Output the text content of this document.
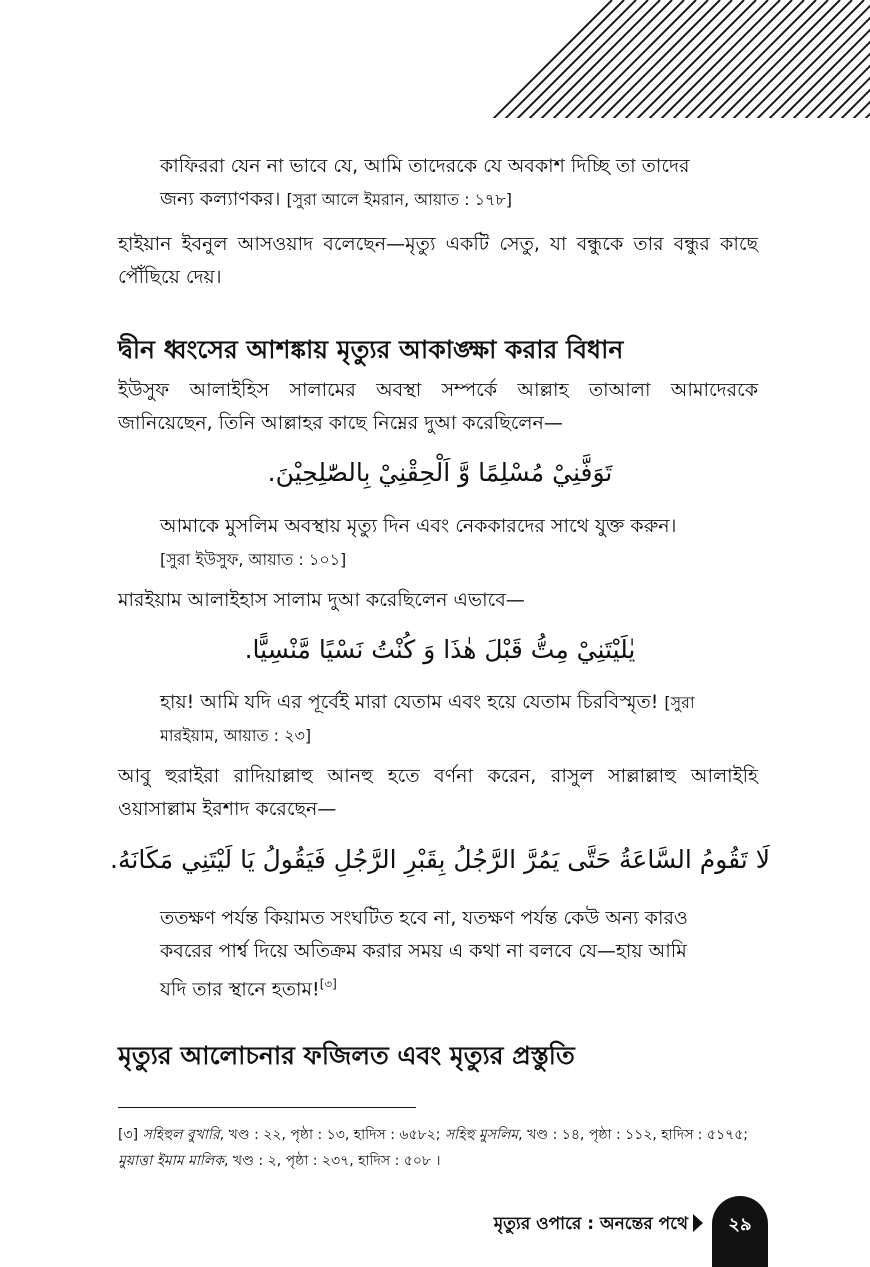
কাফিররা যেন না ভাবে যে, আমি তাদেরকে যে অবকাশ দিচ্ছি তা তাদের
জন্য কল্যাণকর। [সুরা আলে ইমরান, আয়াত : ১৭৮]

হাইয়ান ইবনুল আসওয়াদ বলেছেন—মৃত্যু একটি সেতু, যা বন্ধুকে তার বন্ধুর কাছে পৌঁছিয়ে দেয়।

দ্বীন ধ্বংসের আশঙ্কায় মৃত্যুর আকাঙ্ক্ষা করার বিধান

ইউসুফ আলাইহিস সালামের অবস্থা সম্পর্কে আল্লাহ তাআলা আমাদেরকে জানিয়েছেন, তিনি আল্লাহর কাছে নিম্নের দুআ করেছিলেন—

تَوَفَّنِيْ مُسْلِمًا وَّ اَلْحِقْنِيْ بِالصّٰلِحِيْنَ.

আমাকে মুসলিম অবস্থায় মৃত্যু দিন এবং নেককারদের সাথে যুক্ত করুন।
[সুরা ইউসুফ, আয়াত : ১০১]

মারইয়াম আলাইহাস সালাম দুআ করেছিলেন এভাবে—

يٰلَيْتَنِيْ مِتُّ قَبْلَ هٰذَا وَ كُنْتُ نَسْيًا مَّنْسِيًّا.

হায়! আমি যদি এর পূর্বেই মারা যেতাম এবং হয়ে যেতাম চিরবিস্মৃত! [সুরা মারইয়াম, আয়াত : ২৩]

আবু হুরাইরা রাদিয়াল্লাহু আনহু হতে বর্ণনা করেন, রাসুল সাল্লাল্লাহু আলাইহি ওয়াসাল্লাম ইরশাদ করেছেন—

لَا تَقُومُ السَّاعَةُ حَتَّى يَمُرَّ الرَّجُلُ بِقَبْرِ الرَّجُلِ فَيَقُولُ يَا لَيْتَنِي مَكَانَهُ.

ততক্ষণ পর্যন্ত কিয়ামত সংঘটিত হবে না, যতক্ষণ পর্যন্ত কেউ অন্য কারও কবরের পার্শ্ব দিয়ে অতিক্রম করার সময় এ কথা না বলবে যে—হায় আমি যদি তার স্থানে হতাম![৩]

মৃত্যুর আলোচনার ফজিলত এবং মৃত্যুর প্রস্তুতি

[৩] সহিহুল বুখারি, খণ্ড : ২২, পৃষ্ঠা : ১৩, হাদিস : ৬৫৮২; সহিহু মুসলিম, খণ্ড : ১৪, পৃষ্ঠা : ১১২, হাদিস : ৫১৭৫; মুয়াত্তা ইমাম মালিক, খণ্ড : ২, পৃষ্ঠা : ২৩৭, হাদিস : ৫০৮ ।

মৃত্যুর ওপারে : অনন্তের পথে	২৯
